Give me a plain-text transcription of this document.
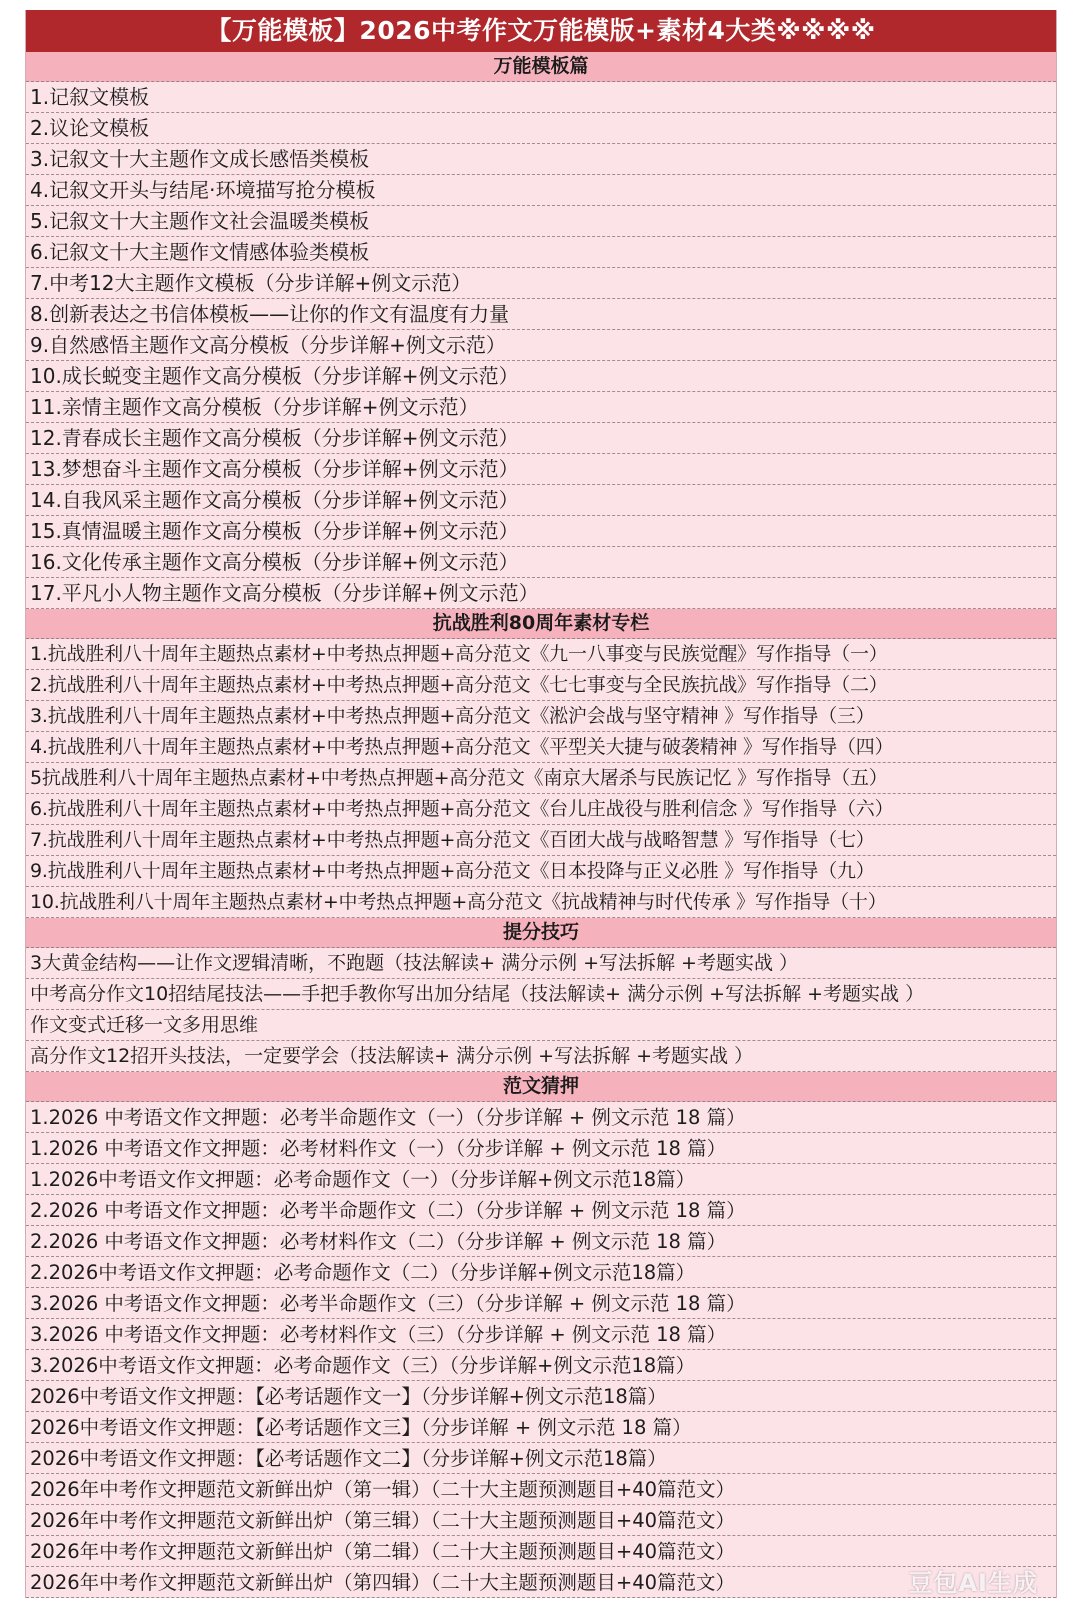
【万能模板】2026中考作文万能模版+素材4大类※※※※
万能模板篇
1.记叙文模板
2.议论文模板
3.记叙文十大主题作文成长感悟类模板
4.记叙文开头与结尾·环境描写抢分模板
5.记叙文十大主题作文社会温暖类模板
6.记叙文十大主题作文情感体验类模板
7.中考12大主题作文模板（分步详解+例文示范）
8.创新表达之书信体模板——让你的作文有温度有力量
9.自然感悟主题作文高分模板（分步详解+例文示范）
10.成长蜕变主题作文高分模板（分步详解+例文示范）
11.亲情主题作文高分模板（分步详解+例文示范）
12.青春成长主题作文高分模板（分步详解+例文示范）
13.梦想奋斗主题作文高分模板（分步详解+例文示范）
14.自我风采主题作文高分模板（分步详解+例文示范）
15.真情温暖主题作文高分模板（分步详解+例文示范）
16.文化传承主题作文高分模板（分步详解+例文示范）
17.平凡小人物主题作文高分模板（分步详解+例文示范）
抗战胜利80周年素材专栏
1.抗战胜利八十周年主题热点素材+中考热点押题+高分范文《九一八事变与民族觉醒》写作指导（一）
2.抗战胜利八十周年主题热点素材+中考热点押题+高分范文《七七事变与全民族抗战》写作指导（二）
3.抗战胜利八十周年主题热点素材+中考热点押题+高分范文《淞沪会战与坚守精神 》写作指导（三）
4.抗战胜利八十周年主题热点素材+中考热点押题+高分范文《平型关大捷与破袭精神 》写作指导（四）
5抗战胜利八十周年主题热点素材+中考热点押题+高分范文《南京大屠杀与民族记忆 》写作指导（五）
6.抗战胜利八十周年主题热点素材+中考热点押题+高分范文《台儿庄战役与胜利信念 》写作指导（六）
7.抗战胜利八十周年主题热点素材+中考热点押题+高分范文《百团大战与战略智慧 》写作指导（七）
9.抗战胜利八十周年主题热点素材+中考热点押题+高分范文《日本投降与正义必胜 》写作指导（九）
10.抗战胜利八十周年主题热点素材+中考热点押题+高分范文《抗战精神与时代传承 》写作指导（十）
提分技巧
3大黄金结构——让作文逻辑清晰，不跑题（技法解读+ 满分示例 +写法拆解 +考题实战 ）
中考高分作文10招结尾技法——手把手教你写出加分结尾（技法解读+ 满分示例 +写法拆解 +考题实战 ）
作文变式迁移一文多用思维
高分作文12招开头技法，一定要学会（技法解读+ 满分示例 +写法拆解 +考题实战 ）
范文猜押
1.2026 中考语文作文押题：必考半命题作文（一）（分步详解 + 例文示范 18 篇）
1.2026 中考语文作文押题：必考材料作文（一）（分步详解 + 例文示范 18 篇）
1.2026中考语文作文押题：必考命题作文（一）（分步详解+例文示范18篇）
2.2026 中考语文作文押题：必考半命题作文（二）（分步详解 + 例文示范 18 篇）
2.2026 中考语文作文押题：必考材料作文（二）（分步详解 + 例文示范 18 篇）
2.2026中考语文作文押题：必考命题作文（二）（分步详解+例文示范18篇）
3.2026 中考语文作文押题：必考半命题作文（三）（分步详解 + 例文示范 18 篇）
3.2026 中考语文作文押题：必考材料作文（三）（分步详解 + 例文示范 18 篇）
3.2026中考语文作文押题：必考命题作文（三）（分步详解+例文示范18篇）
2026中考语文作文押题：【必考话题作文一】（分步详解+例文示范18篇）
2026中考语文作文押题：【必考话题作文三】（分步详解 + 例文示范 18 篇）
2026中考语文作文押题：【必考话题作文二】（分步详解+例文示范18篇）
2026年中考作文押题范文新鲜出炉（第一辑）（二十大主题预测题目+40篇范文）
2026年中考作文押题范文新鲜出炉（第三辑）（二十大主题预测题目+40篇范文）
2026年中考作文押题范文新鲜出炉（第二辑）（二十大主题预测题目+40篇范文）
2026年中考作文押题范文新鲜出炉（第四辑）（二十大主题预测题目+40篇范文）	豆包AI生成
